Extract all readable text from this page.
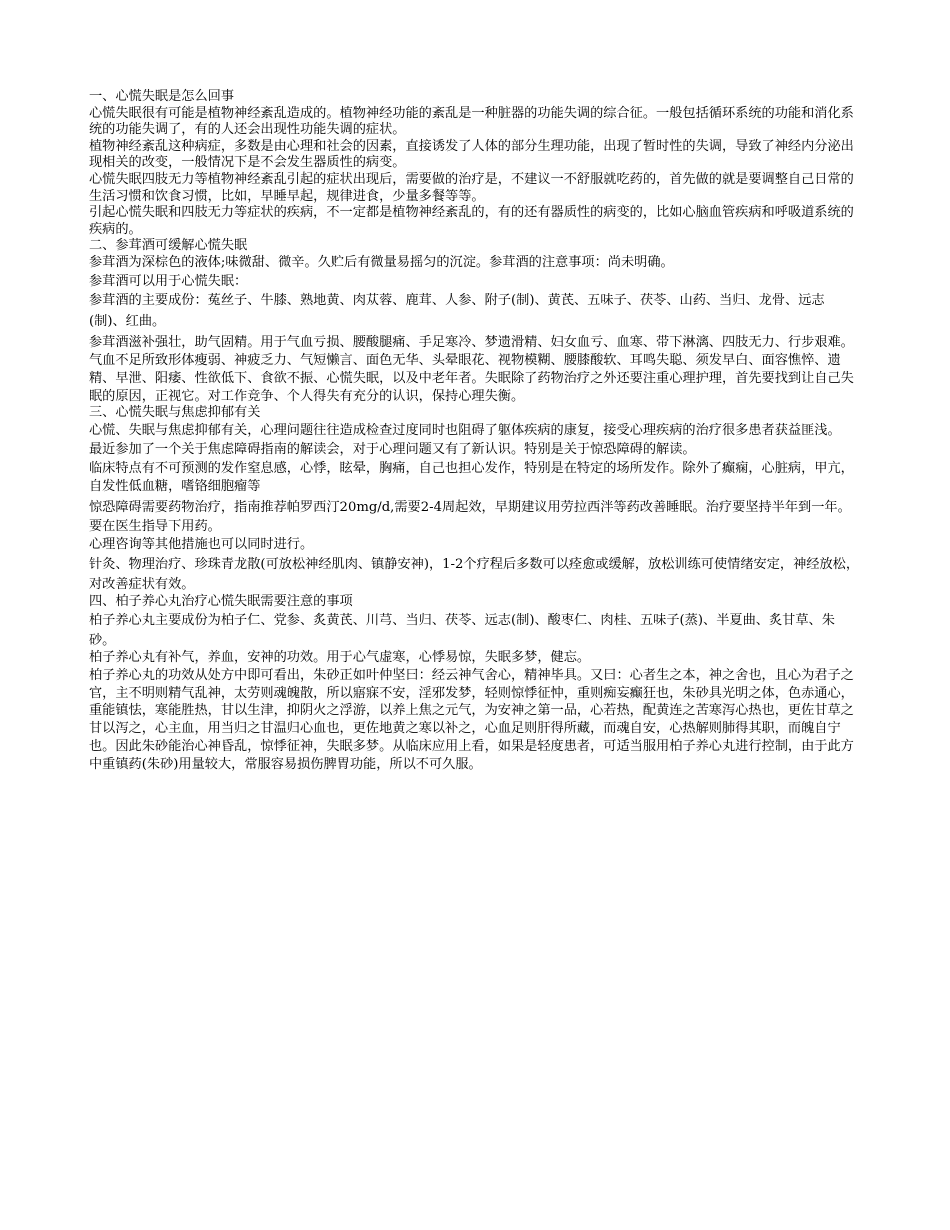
一、心慌失眠是怎么回事

心慌失眠很有可能是植物神经紊乱造成的。植物神经功能的紊乱是一种脏器的功能失调的综合征。一般包括循环系统的功能和消化系统的功能失调了，有的人还会出现性功能失调的症状。

植物神经紊乱这种病症，多数是由心理和社会的因素，直接诱发了人体的部分生理功能，出现了暂时性的失调，导致了神经内分泌出现相关的改变，一般情况下是不会发生器质性的病变。

心慌失眠四肢无力等植物神经紊乱引起的症状出现后，需要做的治疗是，不建议一不舒服就吃药的，首先做的就是要调整自己日常的生活习惯和饮食习惯，比如，早睡早起，规律进食，少量多餐等等。

引起心慌失眠和四肢无力等症状的疾病，不一定都是植物神经紊乱的，有的还有器质性的病变的，比如心脑血管疾病和呼吸道系统的疾病的。

二、参茸酒可缓解心慌失眠

参茸酒为深棕色的液体;味微甜、微辛。久贮后有微量易摇匀的沉淀。参茸酒的注意事项：尚未明确。

参茸酒可以用于心慌失眠：

参茸酒的主要成份：菟丝子、牛膝、熟地黄、肉苁蓉、鹿茸、人参、附子(制)、黄芪、五味子、茯苓、山药、当归、龙骨、远志(制)、红曲。

参茸酒滋补强壮，助气固精。用于气血亏损、腰酸腿痛、手足寒冷、梦遗滑精、妇女血亏、血寒、带下淋漓、四肢无力、行步艰难。气血不足所致形体瘦弱、神疲乏力、气短懒言、面色无华、头晕眼花、视物模糊、腰膝酸软、耳鸣失聪、须发早白、面容憔悴、遗精、早泄、阳痿、性欲低下、食欲不振、心慌失眠，以及中老年者。失眠除了药物治疗之外还要注重心理护理，首先要找到让自己失眠的原因，正视它。对工作竞争、个人得失有充分的认识，保持心理失衡。

三、心慌失眠与焦虑抑郁有关

心慌、失眠与焦虑抑郁有关，心理问题往往造成检查过度同时也阻碍了躯体疾病的康复，接受心理疾病的治疗很多患者获益匪浅。

最近参加了一个关于焦虑障碍指南的解读会，对于心理问题又有了新认识。特别是关于惊恐障碍的解读。

临床特点有不可预测的发作窒息感，心悸，眩晕，胸痛，自己也担心发作，特别是在特定的场所发作。除外了癫痫，心脏病，甲亢，自发性低血糖，嗜铬细胞瘤等

惊恐障碍需要药物治疗，指南推荐帕罗西汀20mg/d,需要2-4周起效，早期建议用劳拉西泮等药改善睡眠。治疗要坚持半年到一年。要在医生指导下用药。

心理咨询等其他措施也可以同时进行。

针灸、物理治疗、珍珠青龙散(可放松神经肌肉、镇静安神)，1-2个疗程后多数可以痊愈或缓解，放松训练可使情绪安定，神经放松，对改善症状有效。

四、柏子养心丸治疗心慌失眠需要注意的事项

柏子养心丸主要成份为柏子仁、党参、炙黄芪、川芎、当归、茯苓、远志(制)、酸枣仁、肉桂、五味子(蒸)、半夏曲、炙甘草、朱砂。

柏子养心丸有补气，养血，安神的功效。用于心气虚寒，心悸易惊，失眠多梦，健忘。

柏子养心丸的功效从处方中即可看出，朱砂正如叶仲坚曰：经云神气舍心，精神毕具。又曰：心者生之本，神之舍也，且心为君子之官，主不明则精气乱神，太劳则魂魄散，所以寤寐不安，淫邪发梦，轻则惊悸征忡，重则痴妄癫狂也，朱砂具光明之体，色赤通心，重能镇怯，寒能胜热，甘以生津，抑阴火之浮游，以养上焦之元气，为安神之第一品，心若热，配黄连之苦寒泻心热也，更佐甘草之甘以泻之，心主血，用当归之甘温归心血也，更佐地黄之寒以补之，心血足则肝得所藏，而魂自安，心热解则肺得其职，而魄自宁也。因此朱砂能治心神昏乱，惊悸征神，失眠多梦。从临床应用上看，如果是轻度患者，可适当服用柏子养心丸进行控制，由于此方中重镇药(朱砂)用量较大，常服容易损伤脾胃功能，所以不可久服。
